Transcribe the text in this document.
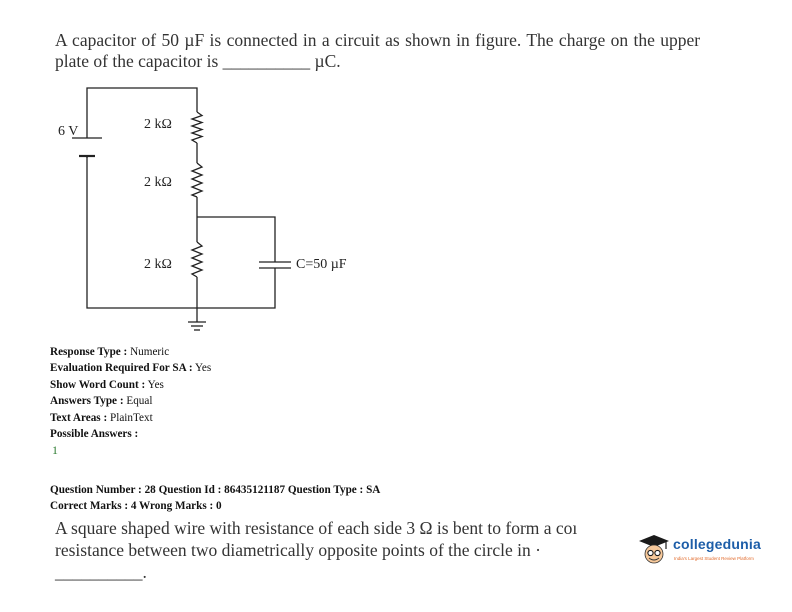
A capacitor of 50 µF is connected in a circuit as shown in figure. The charge on the upper
plate of the capacitor is __________ µC.
6 V	2 kΩ
2 kΩ
2 kΩ	C=50 µF
Response Type : Numeric
Evaluation Required For SA : Yes
Show Word Count : Yes
Answers Type : Equal
Text Areas : PlainText
Possible Answers :
1
Question Number : 28 Question Id : 86435121187 Question Type : SA
Correct Marks : 4 Wrong Marks : 0
A square shaped wire with resistance of each side 3 Ω is bent to form a coı
resistance between two diametrically opposite points of the circle in ·
__________.
collegedunia
India's Largest Student Review Platform
